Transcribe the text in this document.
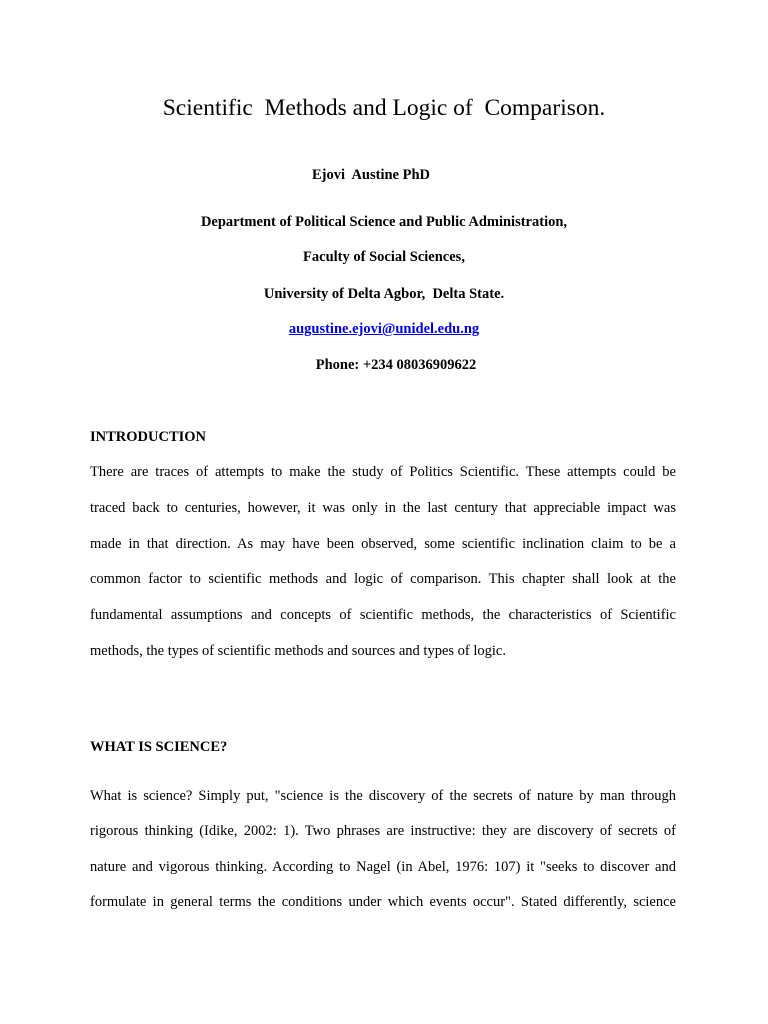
Scientific  Methods and Logic of  Comparison.

Ejovi  Austine PhD

Department of Political Science and Public Administration,

Faculty of Social Sciences,

University of Delta Agbor,  Delta State.

augustine.ejovi@unidel.edu.ng

Phone: +234 08036909622

INTRODUCTION

There are traces of attempts to make the study of Politics Scientific. These attempts could be

traced back to centuries, however, it was only in the last century that appreciable impact was

made in that direction. As may have been observed, some scientific inclination claim to be a

common factor to scientific methods and logic of comparison. This chapter shall look at the

fundamental assumptions and concepts of scientific methods, the characteristics of Scientific

methods, the types of scientific methods and sources and types of logic.

WHAT IS SCIENCE?

What is science? Simply put, "science is the discovery of the secrets of nature by man through

rigorous thinking (Idike, 2002: 1). Two phrases are instructive: they are discovery of secrets of

nature and vigorous thinking. According to Nagel (in Abel, 1976: 107) it "seeks to discover and

formulate in general terms the conditions under which events occur". Stated differently, science
